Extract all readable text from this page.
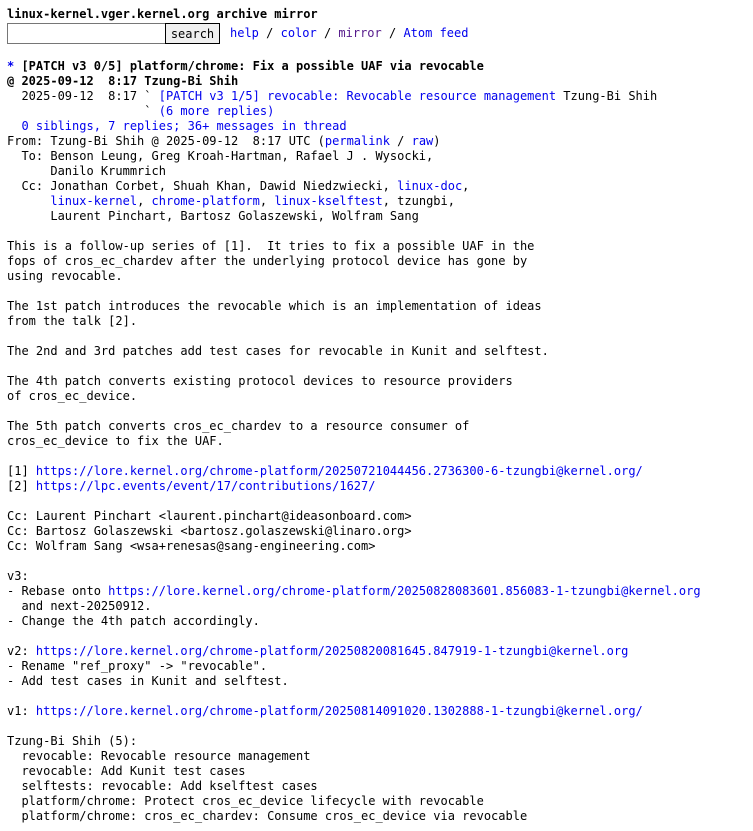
linux-kernel.vger.kernel.org archive mirror
search	help / color / mirror / Atom feed
* [PATCH v3 0/5] platform/chrome: Fix a possible UAF via revocable
@ 2025-09-12  8:17 Tzung-Bi Shih
2025-09-12  8:17 ` [PATCH v3 1/5] revocable: Revocable resource management Tzung-Bi Shih
` (6 more replies)
0 siblings, 7 replies; 36+ messages in thread
From: Tzung-Bi Shih @ 2025-09-12  8:17 UTC (permalink / raw)
To: Benson Leung, Greg Kroah-Hartman, Rafael J . Wysocki,
Danilo Krummrich
Cc: Jonathan Corbet, Shuah Khan, Dawid Niedzwiecki, linux-doc,
linux-kernel, chrome-platform, linux-kselftest, tzungbi,
Laurent Pinchart, Bartosz Golaszewski, Wolfram Sang
This is a follow-up series of [1].  It tries to fix a possible UAF in the
fops of cros_ec_chardev after the underlying protocol device has gone by
using revocable.
The 1st patch introduces the revocable which is an implementation of ideas
from the talk [2].
The 2nd and 3rd patches add test cases for revocable in Kunit and selftest.
The 4th patch converts existing protocol devices to resource providers
of cros_ec_device.
The 5th patch converts cros_ec_chardev to a resource consumer of
cros_ec_device to fix the UAF.
[1] https://lore.kernel.org/chrome-platform/20250721044456.2736300-6-tzungbi@kernel.org/
[2] https://lpc.events/event/17/contributions/1627/
Cc: Laurent Pinchart <laurent.pinchart@ideasonboard.com>
Cc: Bartosz Golaszewski <bartosz.golaszewski@linaro.org>
Cc: Wolfram Sang <wsa+renesas@sang-engineering.com>
v3:
- Rebase onto https://lore.kernel.org/chrome-platform/20250828083601.856083-1-tzungbi@kernel.org
and next-20250912.
- Change the 4th patch accordingly.
v2: https://lore.kernel.org/chrome-platform/20250820081645.847919-1-tzungbi@kernel.org
- Rename "ref_proxy" -> "revocable".
- Add test cases in Kunit and selftest.
v1: https://lore.kernel.org/chrome-platform/20250814091020.1302888-1-tzungbi@kernel.org/
Tzung-Bi Shih (5):
revocable: Revocable resource management
revocable: Add Kunit test cases
selftests: revocable: Add kselftest cases
platform/chrome: Protect cros_ec_device lifecycle with revocable
platform/chrome: cros_ec_chardev: Consume cros_ec_device via revocable
